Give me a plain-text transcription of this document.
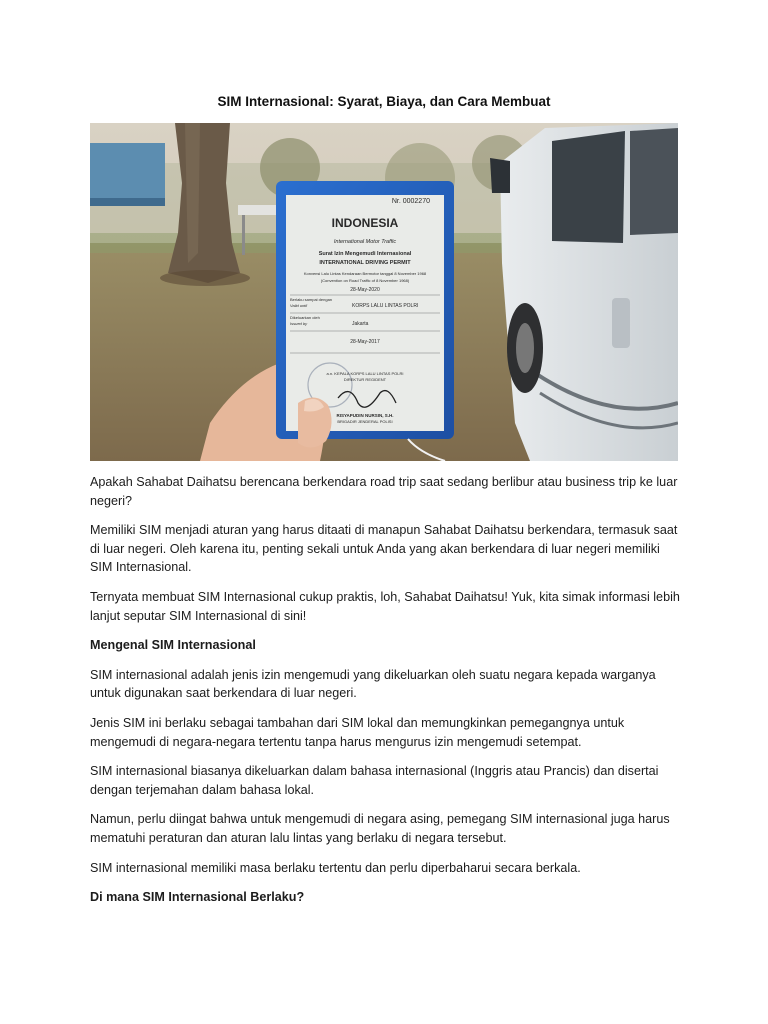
SIM Internasional: Syarat, Biaya, dan Cara Membuat
Nr. 0002270
INDONESIA
International Motor Traffic
Surat Izin Mengemudi Internasional
INTERNATIONAL DRIVING PERMIT
Konvensi Lalu Lintas Kendaraan Bermotor tanggal 8 November 1968
(Convention on Road Traffic of 8 November 1968)
28-May-2020
Berlaku sampai dengan
Valid until	KORPS LALU LINTAS POLRI
Dikeluarkan oleh
Issued by	Jakarta
28-May-2017
a.n. KEPALA KORPS LALU LINTAS POLRI
DIREKTUR REGIDENT
RISYAPUDIN NURSIN, S.H.
BRIGADIR JENDERAL POLISI

Apakah Sahabat Daihatsu berencana berkendara road trip saat sedang berlibur atau business trip ke luar negeri?

Memiliki SIM menjadi aturan yang harus ditaati di manapun Sahabat Daihatsu berkendara, termasuk saat di luar negeri. Oleh karena itu, penting sekali untuk Anda yang akan berkendara di luar negeri memiliki SIM Internasional.

Ternyata membuat SIM Internasional cukup praktis, loh, Sahabat Daihatsu! Yuk, kita simak informasi lebih lanjut seputar SIM Internasional di sini!

Mengenal SIM Internasional

SIM internasional adalah jenis izin mengemudi yang dikeluarkan oleh suatu negara kepada warganya untuk digunakan saat berkendara di luar negeri.

Jenis SIM ini berlaku sebagai tambahan dari SIM lokal dan memungkinkan pemegangnya untuk mengemudi di negara-negara tertentu tanpa harus mengurus izin mengemudi setempat.

SIM internasional biasanya dikeluarkan dalam bahasa internasional (Inggris atau Prancis) dan disertai dengan terjemahan dalam bahasa lokal.

Namun, perlu diingat bahwa untuk mengemudi di negara asing, pemegang SIM internasional juga harus mematuhi peraturan dan aturan lalu lintas yang berlaku di negara tersebut.

SIM internasional memiliki masa berlaku tertentu dan perlu diperbaharui secara berkala.

Di mana SIM Internasional Berlaku?
